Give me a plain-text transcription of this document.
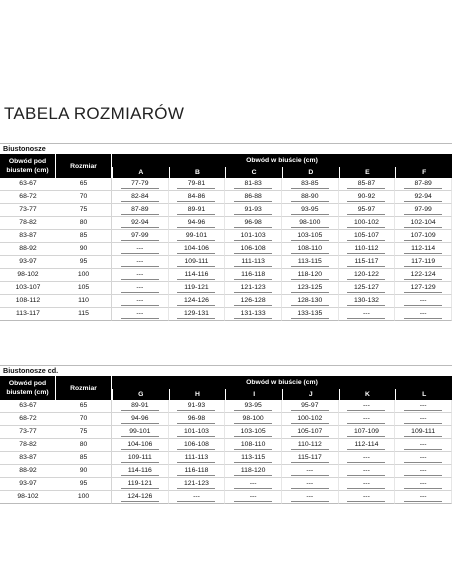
TABELA ROZMIARÓW
Biustonosze
Obwód pod biustem (cm)	Rozmiar	Obwód w biuście (cm)					
		A	B	C	D	E	F
63-67	65	77-79	79-81	81-83	83-85	85-87	87-89
68-72	70	82-84	84-86	86-88	88-90	90-92	92-94
73-77	75	87-89	89-91	91-93	93-95	95-97	97-99
78-82	80	92-94	94-96	96-98	98-100	100-102	102-104
83-87	85	97-99	99-101	101-103	103-105	105-107	107-109
88-92	90	---	104-106	106-108	108-110	110-112	112-114
93-97	95	---	109-111	111-113	113-115	115-117	117-119
98-102	100	---	114-116	116-118	118-120	120-122	122-124
103-107	105	---	119-121	121-123	123-125	125-127	127-129
108-112	110	---	124-126	126-128	128-130	130-132	---
113-117	115	---	129-131	131-133	133-135	---	---
Biustonosze cd.
Obwód pod biustem (cm)	Rozmiar	Obwód w biuście (cm)					
		G	H	I	J	K	L
63-67	65	89-91	91-93	93-95	95-97	---	---
68-72	70	94-96	96-98	98-100	100-102	---	---
73-77	75	99-101	101-103	103-105	105-107	107-109	109-111
78-82	80	104-106	106-108	108-110	110-112	112-114	---
83-87	85	109-111	111-113	113-115	115-117	---	---
88-92	90	114-116	116-118	118-120	---	---	---
93-97	95	119-121	121-123	---	---	---	---
98-102	100	124-126	---	---	---	---	---
